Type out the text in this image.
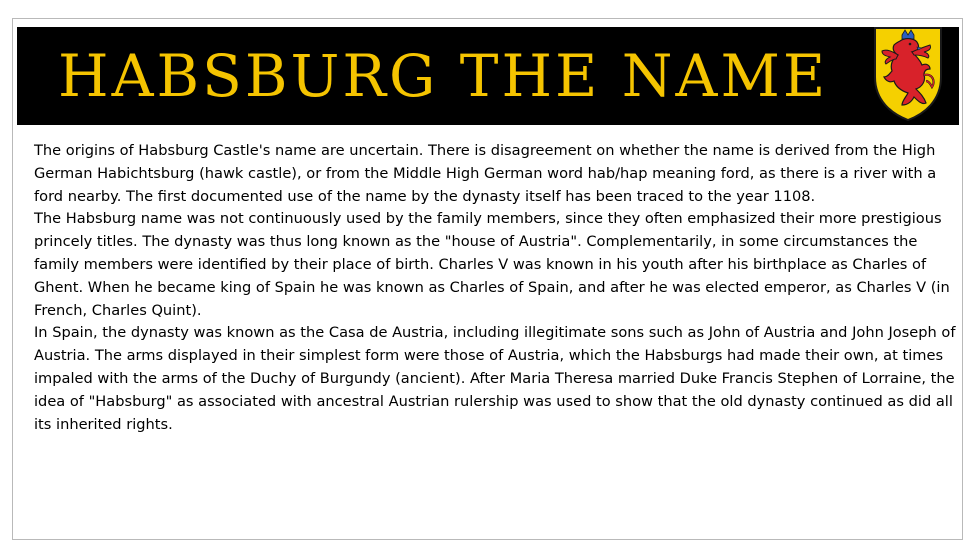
HABSBURG THE NAME

The origins of Habsburg Castle's name are uncertain. There is disagreement on whether the name is derived from the High German Habichtsburg (hawk castle), or from the Middle High German word hab/hap meaning ford, as there is a river with a ford nearby. The first documented use of the name by the dynasty itself has been traced to the year 1108.

The Habsburg name was not continuously used by the family members, since they often emphasized their more prestigious princely titles. The dynasty was thus long known as the "house of Austria". Complementarily, in some circumstances the family members were identified by their place of birth. Charles V was known in his youth after his birthplace as Charles of Ghent. When he became king of Spain he was known as Charles of Spain, and after he was elected emperor, as Charles V (in French, Charles Quint).

In Spain, the dynasty was known as the Casa de Austria, including illegitimate sons such as John of Austria and John Joseph of Austria. The arms displayed in their simplest form were those of Austria, which the Habsburgs had made their own, at times impaled with the arms of the Duchy of Burgundy (ancient). After Maria Theresa married Duke Francis Stephen of Lorraine, the idea of "Habsburg" as associated with ancestral Austrian rulership was used to show that the old dynasty continued as did all its inherited rights.
